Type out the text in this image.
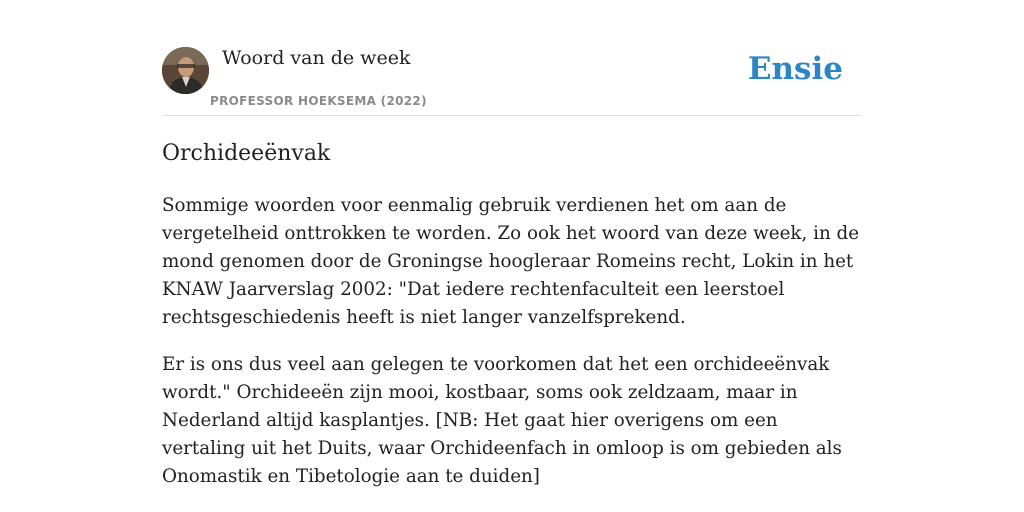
Woord van de week
PROFESSOR HOEKSEMA (2022)
Ensie
Orchideeënvak

Sommige woorden voor eenmalig gebruik verdienen het om aan de vergetelheid onttrokken te worden. Zo ook het woord van deze week, in de mond genomen door de Groningse hoogleraar Romeins recht, Lokin in het KNAW Jaarverslag 2002: "Dat iedere rechtenfaculteit een leerstoel rechtsgeschiedenis heeft is niet langer vanzelfsprekend.

Er is ons dus veel aan gelegen te voorkomen dat het een orchideeënvak wordt." Orchideeën zijn mooi, kostbaar, soms ook zeldzaam, maar in Nederland altijd kasplantjes. [NB: Het gaat hier overigens om een vertaling uit het Duits, waar Orchideenfach in omloop is om gebieden als Onomastik en Tibetologie aan te duiden]
